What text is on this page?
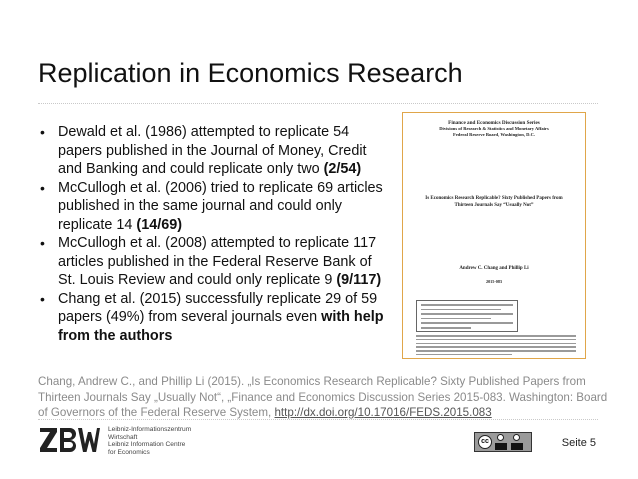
Replication in Economics Research
• Dewald et al. (1986) attempted to replicate 54 papers published in the Journal of Money, Credit and Banking and could replicate only two (2/54)
• McCullogh et al. (2006) tried to replicate 69 articles published in the same journal and could only replicate 14 (14/69)
• McCullogh et al. (2008) attempted to replicate 117 articles published in the Federal Reserve Bank of St. Louis Review and could only replicate 9 (9/117)
• Chang et al. (2015) successfully replicate 29 of 59 papers (49%) from several journals even with help from the authors
Finance and Economics Discussion Series
Divisions of Research & Statistics and Monetary Affairs
Federal Reserve Board, Washington, D.C.
Is Economics Research Replicable? Sixty Published Papers from
Thirteen Journals Say “Usually Not”
Andrew C. Chang and Phillip Li
2015-083
Chang, Andrew C., and Phillip Li (2015). „Is Economics Research Replicable? Sixty Published Papers from Thirteen Journals Say „Usually Not“, „Finance and Economics Discussion Series 2015-083. Washington: Board of Governors of the Federal Reserve System, http://dx.doi.org/10.17016/FEDS.2015.083
Leibniz-Informationszentrum
Wirtschaft
Leibniz Information Centre
for Economics
cc	Seite 5
